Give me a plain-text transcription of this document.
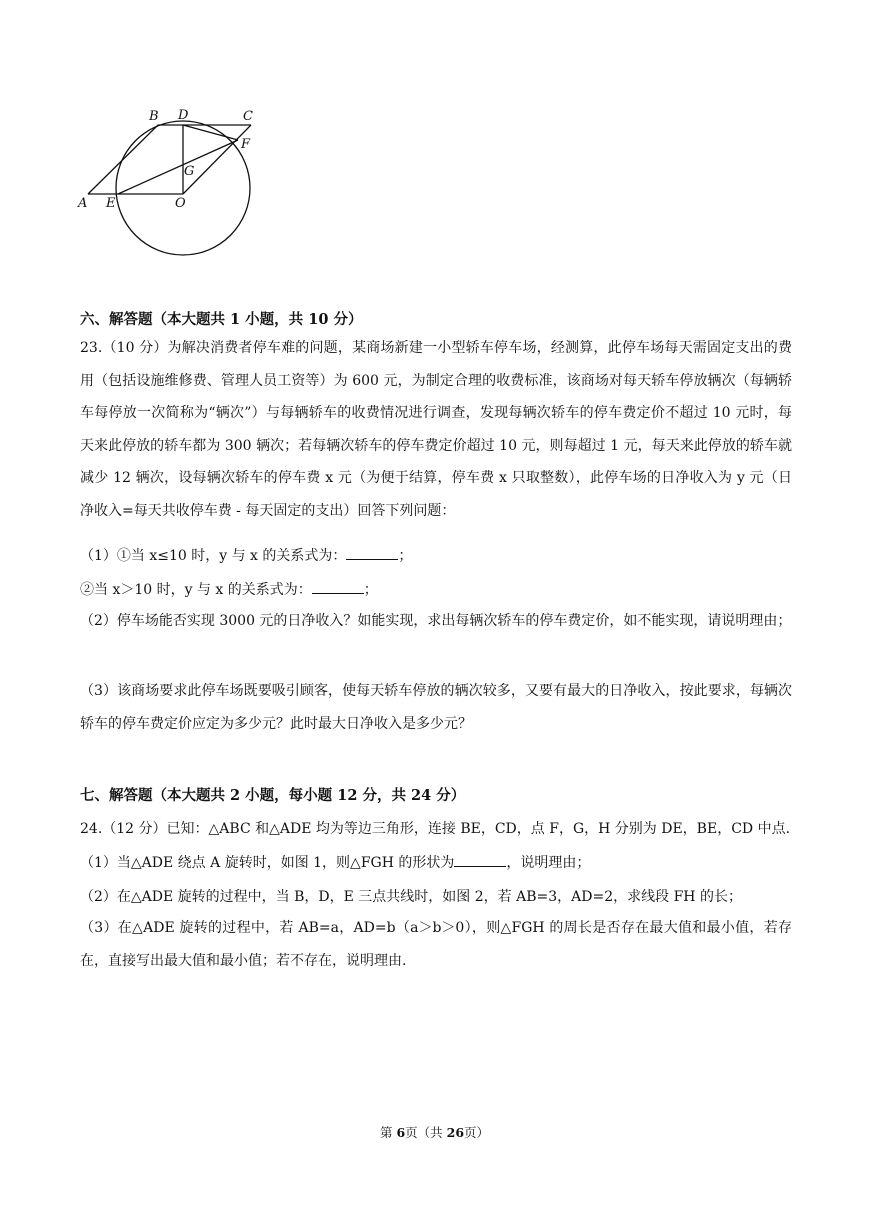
A E	O
B D	C
F
G
六、解答题（本大题共 1 小题，共 10 分）
23.（10 分）为解决消费者停车难的问题，某商场新建一小型轿车停车场，经测算，此停车场每天需固定支出的费用（包括设施维修费、管理人员工资等）为 600 元，为制定合理的收费标准，该商场对每天轿车停放辆次（每辆轿车每停放一次简称为“辆次”）与每辆轿车的收费情况进行调查，发现每辆次轿车的停车费定价不超过 10 元时，每天来此停放的轿车都为 300 辆次；若每辆次轿车的停车费定价超过 10 元，则每超过 1 元，每天来此停放的轿车就减少 12 辆次，设每辆次轿车的停车费 x 元（为便于结算，停车费 x 只取整数），此停车场的日净收入为 y 元（日净收入=每天共收停车费 - 每天固定的支出）回答下列问题：
（1）①当 x≤10 时，y 与 x 的关系式为：	；
②当 x＞10 时，y 与 x 的关系式为：	；
（2）停车场能否实现 3000 元的日净收入？如能实现，求出每辆次轿车的停车费定价，如不能实现，请说明理由；
（3）该商场要求此停车场既要吸引顾客，使每天轿车停放的辆次较多，又要有最大的日净收入，按此要求，每辆次轿车的停车费定价应定为多少元？此时最大日净收入是多少元？
七、解答题（本大题共 2 小题，每小题 12 分，共 24 分）
24.（12 分）已知：△ABC 和△ADE 均为等边三角形，连接 BE，CD，点 F，G，H 分别为 DE，BE，CD 中点.
（1）当△ADE 绕点 A 旋转时，如图 1，则△FGH 的形状为	，说明理由；
（2）在△ADE 旋转的过程中，当 B，D，E 三点共线时，如图 2，若 AB=3，AD=2，求线段 FH 的长；
（3）在△ADE 旋转的过程中，若 AB=a，AD=b（a＞b＞0），则△FGH 的周长是否存在最大值和最小值，若存在，直接写出最大值和最小值；若不存在，说明理由.
第 6页（共 26页）
